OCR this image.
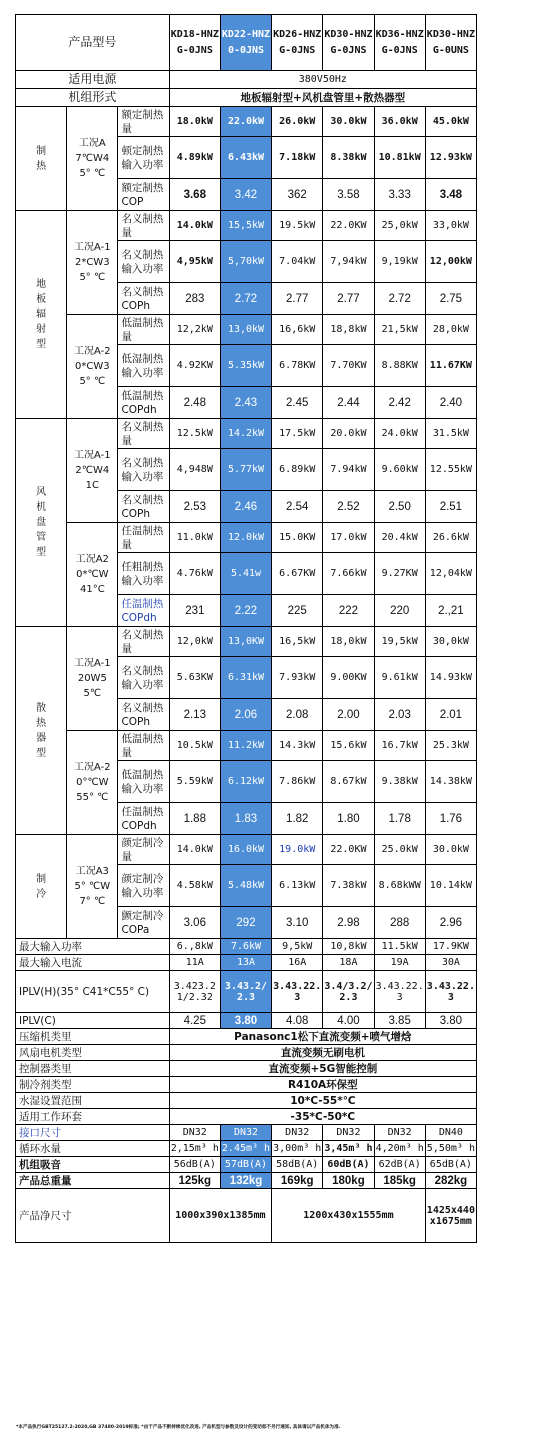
产品型号			KD18-HNZG-0JNS	KD22-HNZ0-0JNS	KD26-HNZG-0JNS	KD30-HNZG-0JNS	KD36-HNZG-0JNS	KD30-HNZG-0UNS
适用电源			380V50Hz					
机组形式			地板辐射型+风机盘管里+散热器型					
制热	工况A7℃W45° ℃	额定制热量	18.0kW	22.0kW	26.0kW	30.0kW	36.0kW	45.0kW
		顿定制热输入功率	4.89kW	6.43kW	7.18kW	8.38kW	10.81kW	12.93kW
		额定制热COP	3.68	3.42	362	3.58	3.33	3.48
地板辐射型	工况A-12*CW35° ℃	名义制热量	14.0kW	15,5kW	19.5kW	22.0KW	25,0kW	33,0kW
		名义制热输入功率	4,95kW	5,70kW	7.04kW	7,94kW	9,19kW	12,00kW
		名义制热COPh	283	2.72	2.77	2.77	2.72	2.75
	工况A-20*CW35° ℃	低温制热量	12,2kW	13,0kW	16,6kW	18,8kW	21,5kW	28,0kW
		低湿制热输入功率	4.92KW	5.35kW	6.78KW	7.70KW	8.88KW	11.67KW
		低温制热COPdh	2.48	2.43	2.45	2.44	2.42	2.40
风机盘管型	工况A-12℃W41C	名义制热量	12.5kW	14.2kW	17.5kW	20.0kW	24.0kW	31.5kW
		名义制热输入功率	4,948W	5.77kW	6.89kW	7.94kW	9.60kW	12.55kW
		名义制热COPh	2.53	2.46	2.54	2.52	2.50	2.51
	工况A20*℃W41°C	任温制热量	11.0kW	12.0kW	15.0KW	17.0kW	20.4kW	26.6kW
		任粗制热输入功率	4.76kW	5.41w	6.67KW	7.66kW	9.27KW	12,04kW
		任温制热COPdh	231	2.22	225	222	220	2.,21
散热器型	工况A-120W55℃	名义制热量	12,0kW	13,0KW	16,5kW	18,0kW	19,5kW	30,0kW
		名义制热输入功率	5.63KW	6.31kW	7.93kW	9.00KW	9.61kW	14.93kW
		名义制热COPh	2.13	2.06	2.08	2.00	2.03	2.01
	工况A-20°℃W55° ℃	低温制热量	10.5kW	11.2kW	14.3kW	15.6kW	16.7kW	25.3kW
		低温制热输入功率	5.59kW	6.12kW	7.86kW	8.67kW	9.38kW	14.38kW
		任温制热COPdh	1.88	1.83	1.82	1.80	1.78	1.76
制冷	工况A35° ℃W7° ℃	颜定制冷量	14.0kW	16.0kW	19.0kW	22.0KW	25.0kW	30.0kW
		颜定制冷输入功率	4.58kW	5.48kW	6.13kW	7.38kW	8.68kWW	10.14kW
		颤定制冷COPa	3.06	292	3.10	2.98	288	2.96
最大输入功率			6.,8kW	7.6kW	9,5kW	10,8kW	11.5kW	17.9KW
最大输入电流			11A	13A	16A	18A	19A	30A
IPLV(H)(35° C41*C55° C)			3.423.21/2.32	3.43.2/2.3	3.43.22.3	3.4/3.2/2.3	3.43.22.3	3.43.22.3
IPLV(C)			4.25	3.80	4.08	4.00	3.85	3.80
压缩机类里			Panasonc1松下直流变频+喷气增焓					
风扇电机类型			直流变频无刷电机					
控制器类里			直流变频+5G智能控制					
制冷剂类型			R410A环保型					
水湿设置范围			10*C-55*℃					
适用工作环套			-35*C-50*C					
接口尺寸			DN32	DN32	DN32	DN32	DN32	DN40
循环水量			2,15m³ h	2.45m³ h	3,00m³ h	3,45m³ h	4,20m³ h	5,50m³ h
机组吸音			56dB(A)	57dB(A)	58dB(A)	60dB(A)	62dB(A)	65dB(A)
产品总重量			125kg	132kg	169kg	180kg	185kg	282kg
产品净尺寸			1000x390x1385mm		1200x430x1555mm			1425x440x1675mm
*本产品执行GBT25127.2-2020,GB 37480-2019标准; *由于产品不断持续优化改进, 产品机型与参数及设计的变动恕不另行通知, 具体请以产品机体为准.
